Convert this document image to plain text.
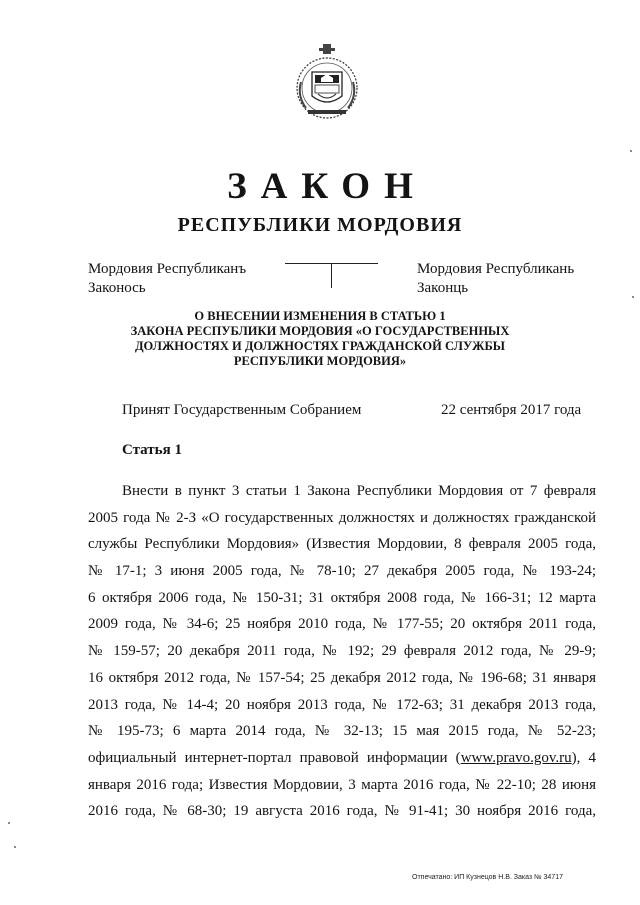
ЗАКОН
РЕСПУБЛИКИ МОРДОВИЯ
Мордовия Республиканъ
Законось
Мордовия Республикань
Законць
О ВНЕСЕНИИ ИЗМЕНЕНИЯ В СТАТЬЮ 1
ЗАКОНА РЕСПУБЛИКИ МОРДОВИЯ «О ГОСУДАРСТВЕННЫХ
ДОЛЖНОСТЯХ И ДОЛЖНОСТЯХ ГРАЖДАНСКОЙ СЛУЖБЫ
РЕСПУБЛИКИ МОРДОВИЯ»
Принят Государственным Собранием	22 сентября 2017 года
Статья 1
Внести в пункт 3 статьи 1 Закона Республики Мордовия от 7 февраля
2005 года № 2-З «О государственных должностях и должностях гражданской
службы Республики Мордовия» (Известия Мордовии, 8 февраля 2005 года,
№ 17-1; 3 июня 2005 года, № 78-10; 27 декабря 2005 года, № 193-24;
6 октября 2006 года, № 150-31; 31 октября 2008 года, № 166-31; 12 марта
2009 года, № 34-6; 25 ноября 2010 года, № 177-55; 20 октября 2011 года,
№ 159-57; 20 декабря 2011 года, № 192; 29 февраля 2012 года, № 29-9;
16 октября 2012 года, № 157-54; 25 декабря 2012 года, № 196-68; 31 января
2013 года, № 14-4; 20 ноября 2013 года, № 172-63; 31 декабря 2013 года,
№ 195-73; 6 марта 2014 года, № 32-13; 15 мая 2015 года, № 52-23;
официальный интернет-портал правовой информации (www.pravo.gov.ru), 4
января 2016 года; Известия Мордовии, 3 марта 2016 года, № 22-10; 28 июня
2016 года, № 68-30; 19 августа 2016 года, № 91-41; 30 ноября 2016 года,
Отпечатано: ИП Кузнецов Н.В. Заказ № 34717
